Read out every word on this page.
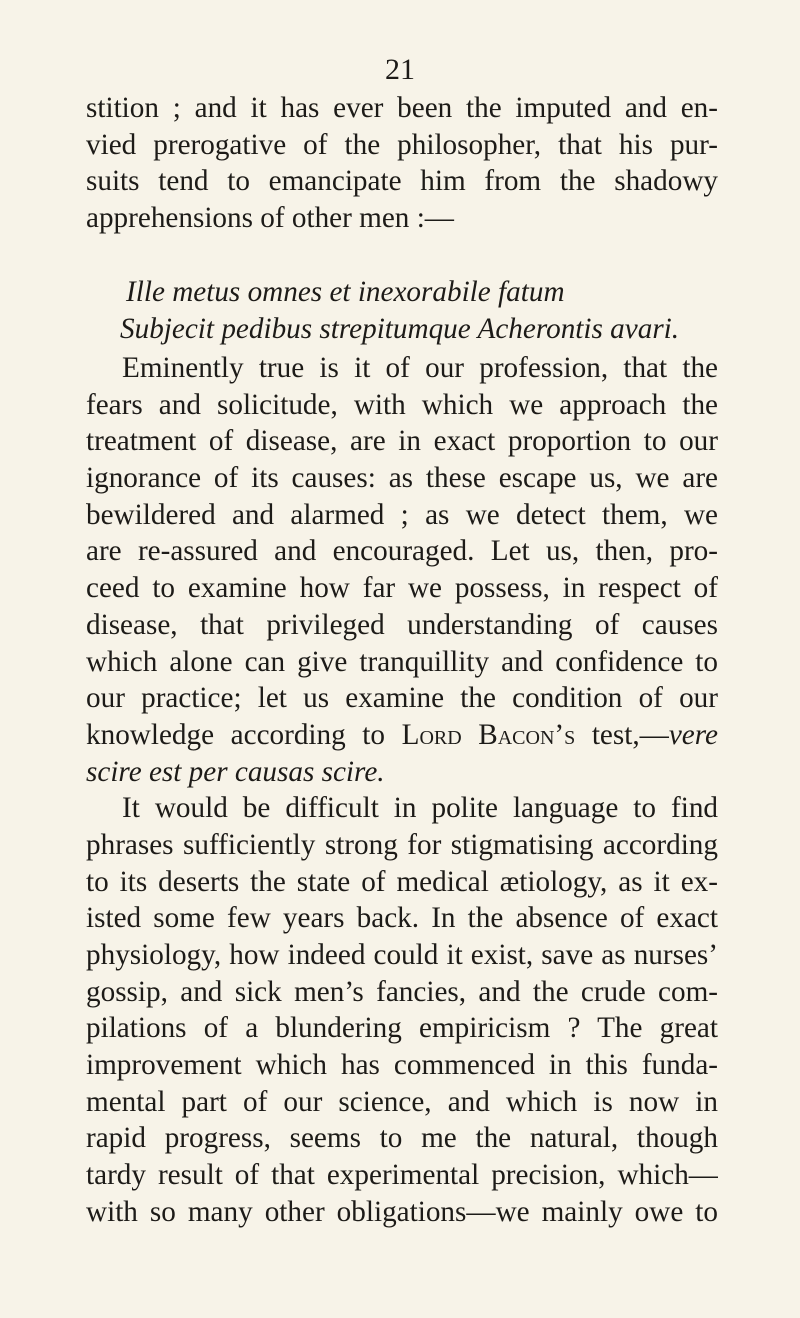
21
stition ; and it has ever been the imputed and en-
vied prerogative of the philosopher, that his pur-
suits tend to emancipate him from the shadowy
apprehensions of other men :—
Ille metus omnes et inexorabile fatum
Subjecit pedibus strepitumque Acherontis avari.
Eminently true is it of our profession, that the
fears and solicitude, with which we approach the
treatment of disease, are in exact proportion to our
ignorance of its causes: as these escape us, we are
bewildered and alarmed ; as we detect them, we
are re-assured and encouraged. Let us, then, pro-
ceed to examine how far we possess, in respect of
disease, that privileged understanding of causes
which alone can give tranquillity and confidence to
our practice; let us examine the condition of our
knowledge according to Lord Bacon’s test,—vere
scire est per causas scire.
It would be difficult in polite language to find
phrases sufficiently strong for stigmatising according
to its deserts the state of medical ætiology, as it ex-
isted some few years back. In the absence of exact
physiology, how indeed could it exist, save as nurses’
gossip, and sick men’s fancies, and the crude com-
pilations of a blundering empiricism ? The great
improvement which has commenced in this funda-
mental part of our science, and which is now in
rapid progress, seems to me the natural, though
tardy result of that experimental precision, which—
with so many other obligations—we mainly owe to
